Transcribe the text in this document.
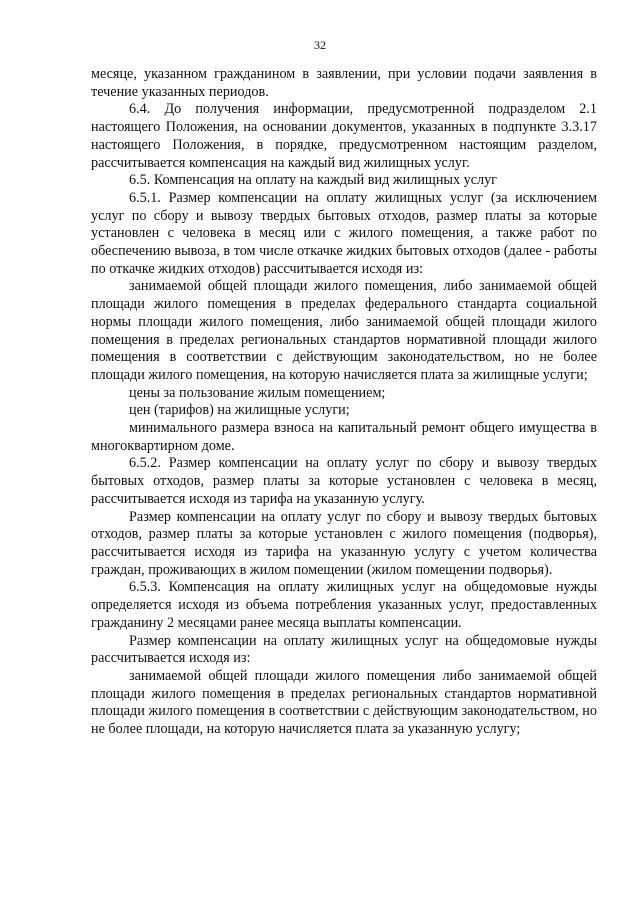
32

месяце, указанном гражданином в заявлении, при условии подачи заявления в течение указанных периодов.

6.4. До получения информации, предусмотренной подразделом 2.1 настоящего Положения, на основании документов, указанных в подпункте 3.3.17 настоящего Положения, в порядке, предусмотренном настоящим разделом, рассчитывается компенсация на каждый вид жилищных услуг.

6.5. Компенсация на оплату на каждый вид жилищных услуг

6.5.1. Размер компенсации на оплату жилищных услуг (за исключением услуг по сбору и вывозу твердых бытовых отходов, размер платы за которые установлен с человека в месяц или с жилого помещения, а также работ по обеспечению вывоза, в том числе откачке жидких бытовых отходов (далее - работы по откачке жидких отходов) рассчитывается исходя из:

занимаемой общей площади жилого помещения, либо занимаемой общей площади жилого помещения в пределах федерального стандарта социальной нормы площади жилого помещения, либо занимаемой общей площади жилого помещения в пределах региональных стандартов нормативной площади жилого помещения в соответствии с действующим законодательством, но не более площади жилого помещения, на которую начисляется плата за жилищные услуги;

цены за пользование жилым помещением;

цен (тарифов) на жилищные услуги;

минимального размера взноса на капитальный ремонт общего имущества в многоквартирном доме.

6.5.2. Размер компенсации на оплату услуг по сбору и вывозу твердых бытовых отходов, размер платы за которые установлен с человека в месяц, рассчитывается исходя из тарифа на указанную услугу.

Размер компенсации на оплату услуг по сбору и вывозу твердых бытовых отходов, размер платы за которые установлен с жилого помещения (подворья), рассчитывается исходя из тарифа на указанную услугу с учетом количества граждан, проживающих в жилом помещении (жилом помещении подворья).

6.5.3. Компенсация на оплату жилищных услуг на общедомовые нужды определяется исходя из объема потребления указанных услуг, предоставленных гражданину 2 месяцами ранее месяца выплаты компенсации.

Размер компенсации на оплату жилищных услуг на общедомовые нужды рассчитывается исходя из:

занимаемой общей площади жилого помещения либо занимаемой общей площади жилого помещения в пределах региональных стандартов нормативной площади жилого помещения в соответствии с действующим законодательством, но не более площади, на которую начисляется плата за указанную услугу;
